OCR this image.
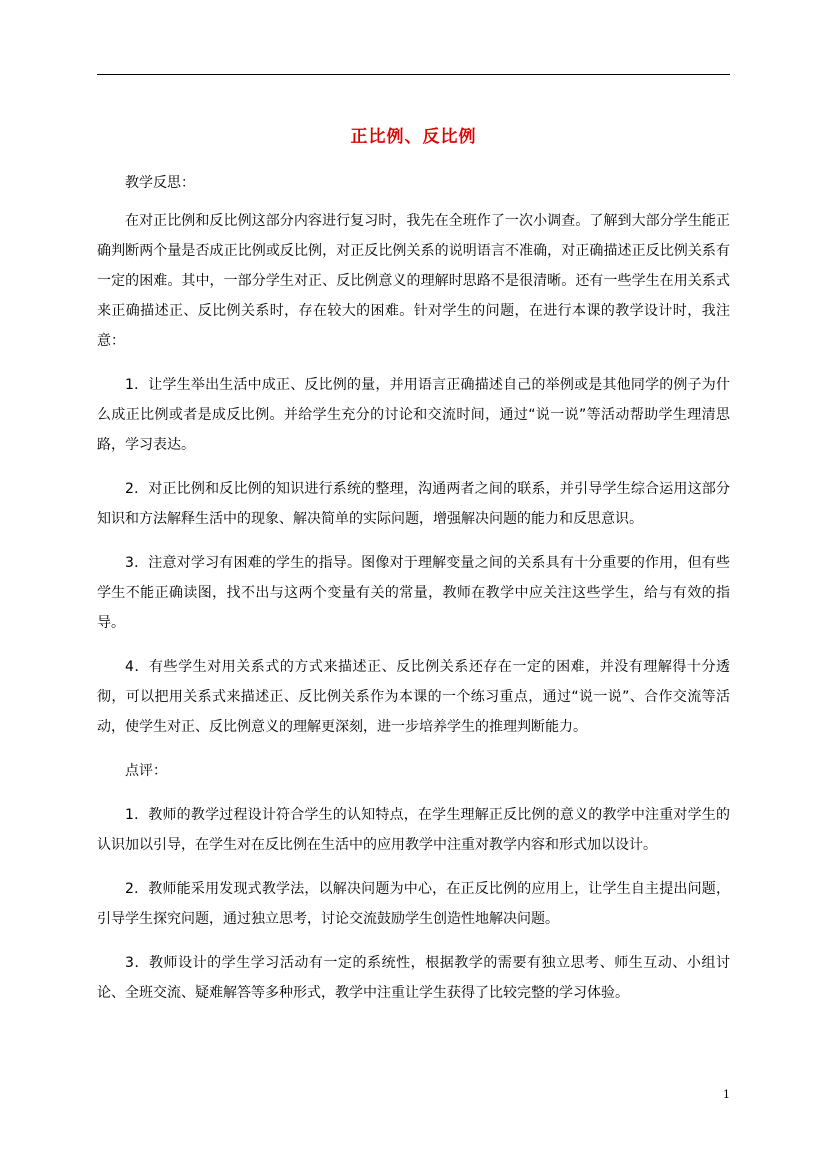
正比例、反比例

教学反思：

在对正比例和反比例这部分内容进行复习时，我先在全班作了一次小调查。了解到大部分学生能正确判断两个量是否成正比例或反比例，对正反比例关系的说明语言不准确，对正确描述正反比例关系有一定的困难。其中，一部分学生对正、反比例意义的理解时思路不是很清晰。还有一些学生在用关系式来正确描述正、反比例关系时，存在较大的困难。针对学生的问题，在进行本课的教学设计时，我注意：

1．让学生举出生活中成正、反比例的量，并用语言正确描述自己的举例或是其他同学的例子为什么成正比例或者是成反比例。并给学生充分的讨论和交流时间，通过“说一说”等活动帮助学生理清思路，学习表达。

2．对正比例和反比例的知识进行系统的整理，沟通两者之间的联系，并引导学生综合运用这部分知识和方法解释生活中的现象、解决简单的实际问题，增强解决问题的能力和反思意识。

3．注意对学习有困难的学生的指导。图像对于理解变量之间的关系具有十分重要的作用，但有些学生不能正确读图，找不出与这两个变量有关的常量，教师在教学中应关注这些学生，给与有效的指导。

4．有些学生对用关系式的方式来描述正、反比例关系还存在一定的困难，并没有理解得十分透彻，可以把用关系式来描述正、反比例关系作为本课的一个练习重点，通过“说一说”、合作交流等活动，使学生对正、反比例意义的理解更深刻，进一步培养学生的推理判断能力。

点评：

1．教师的教学过程设计符合学生的认知特点，在学生理解正反比例的意义的教学中注重对学生的认识加以引导，在学生对在反比例在生活中的应用教学中注重对教学内容和形式加以设计。

2．教师能采用发现式教学法，以解决问题为中心，在正反比例的应用上，让学生自主提出问题，引导学生探究问题，通过独立思考，讨论交流鼓励学生创造性地解决问题。

3．教师设计的学生学习活动有一定的系统性，根据教学的需要有独立思考、师生互动、小组讨论、全班交流、疑难解答等多种形式，教学中注重让学生获得了比较完整的学习体验。

1
